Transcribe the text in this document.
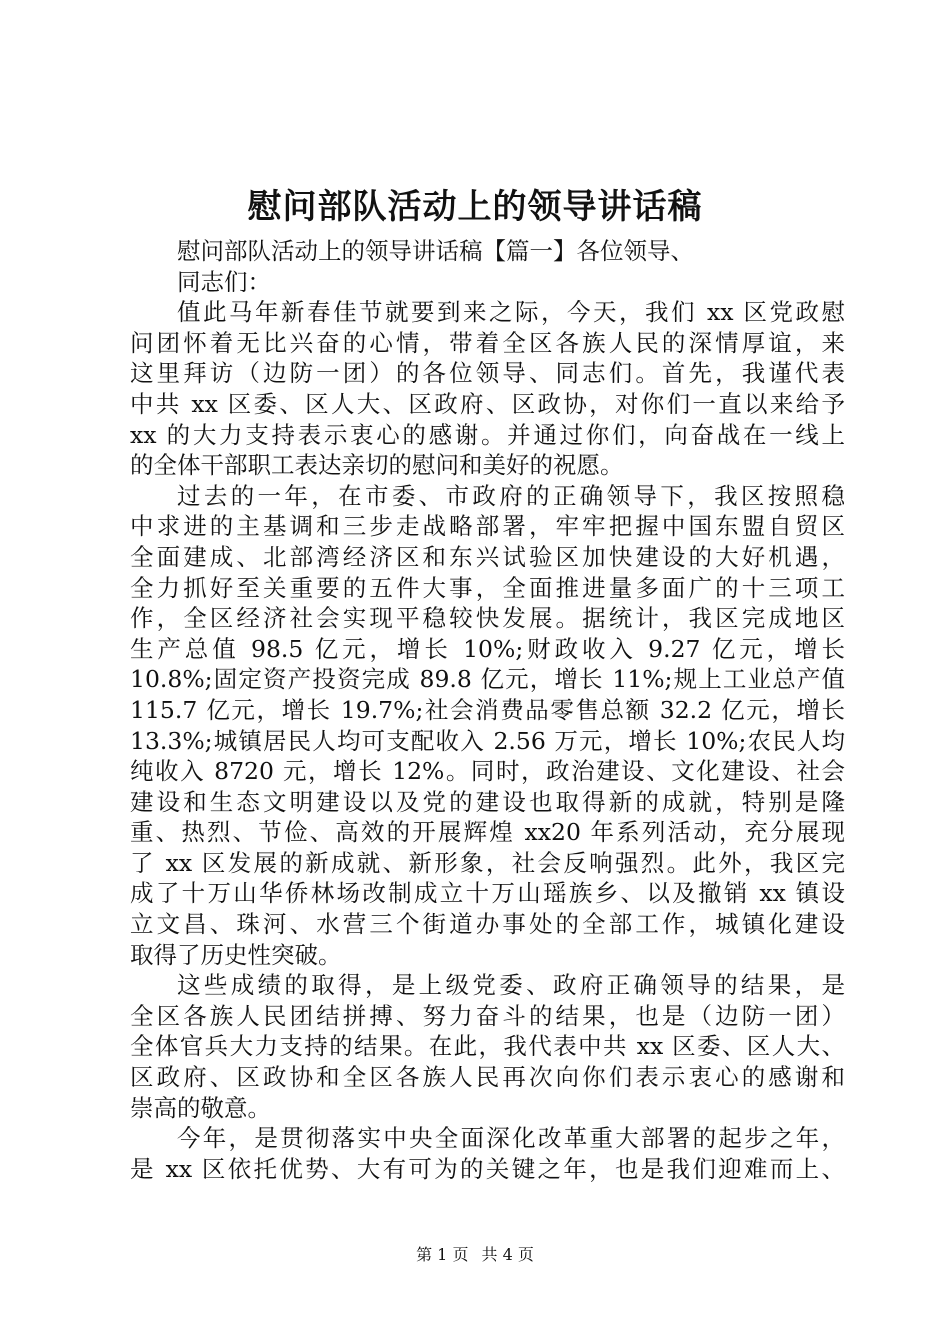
慰问部队活动上的领导讲话稿
慰问部队活动上的领导讲话稿【篇一】各位领导、
同志们：
值此马年新春佳节就要到来之际，今天，我们 xx 区党政慰
问团怀着无比兴奋的心情，带着全区各族人民的深情厚谊，来
这里拜访（边防一团）的各位领导、同志们。首先，我谨代表
中共 xx 区委、区人大、区政府、区政协，对你们一直以来给予
xx 的大力支持表示衷心的感谢。并通过你们，向奋战在一线上
的全体干部职工表达亲切的慰问和美好的祝愿。
过去的一年，在市委、市政府的正确领导下，我区按照稳
中求进的主基调和三步走战略部署，牢牢把握中国东盟自贸区
全面建成、北部湾经济区和东兴试验区加快建设的大好机遇，
全力抓好至关重要的五件大事，全面推进量多面广的十三项工
作，全区经济社会实现平稳较快发展。据统计，我区完成地区
生产总值 98.5 亿元，增长 10%;财政收入 9.27 亿元，增长
10.8%;固定资产投资完成 89.8 亿元，增长 11%;规上工业总产值
115.7 亿元，增长 19.7%;社会消费品零售总额 32.2 亿元，增长
13.3%;城镇居民人均可支配收入 2.56 万元，增长 10%;农民人均
纯收入 8720 元，增长 12%。同时，政治建设、文化建设、社会
建设和生态文明建设以及党的建设也取得新的成就，特别是隆
重、热烈、节俭、高效的开展辉煌 xx20 年系列活动，充分展现
了 xx 区发展的新成就、新形象，社会反响强烈。此外，我区完
成了十万山华侨林场改制成立十万山瑶族乡、以及撤销 xx 镇设
立文昌、珠河、水营三个街道办事处的全部工作，城镇化建设
取得了历史性突破。
这些成绩的取得，是上级党委、政府正确领导的结果，是
全区各族人民团结拼搏、努力奋斗的结果，也是（边防一团）
全体官兵大力支持的结果。在此，我代表中共 xx 区委、区人大、
区政府、区政协和全区各族人民再次向你们表示衷心的感谢和
崇高的敬意。
今年，是贯彻落实中央全面深化改革重大部署的起步之年，
是 xx 区依托优势、大有可为的关键之年，也是我们迎难而上、
第 1 页 共 4 页
